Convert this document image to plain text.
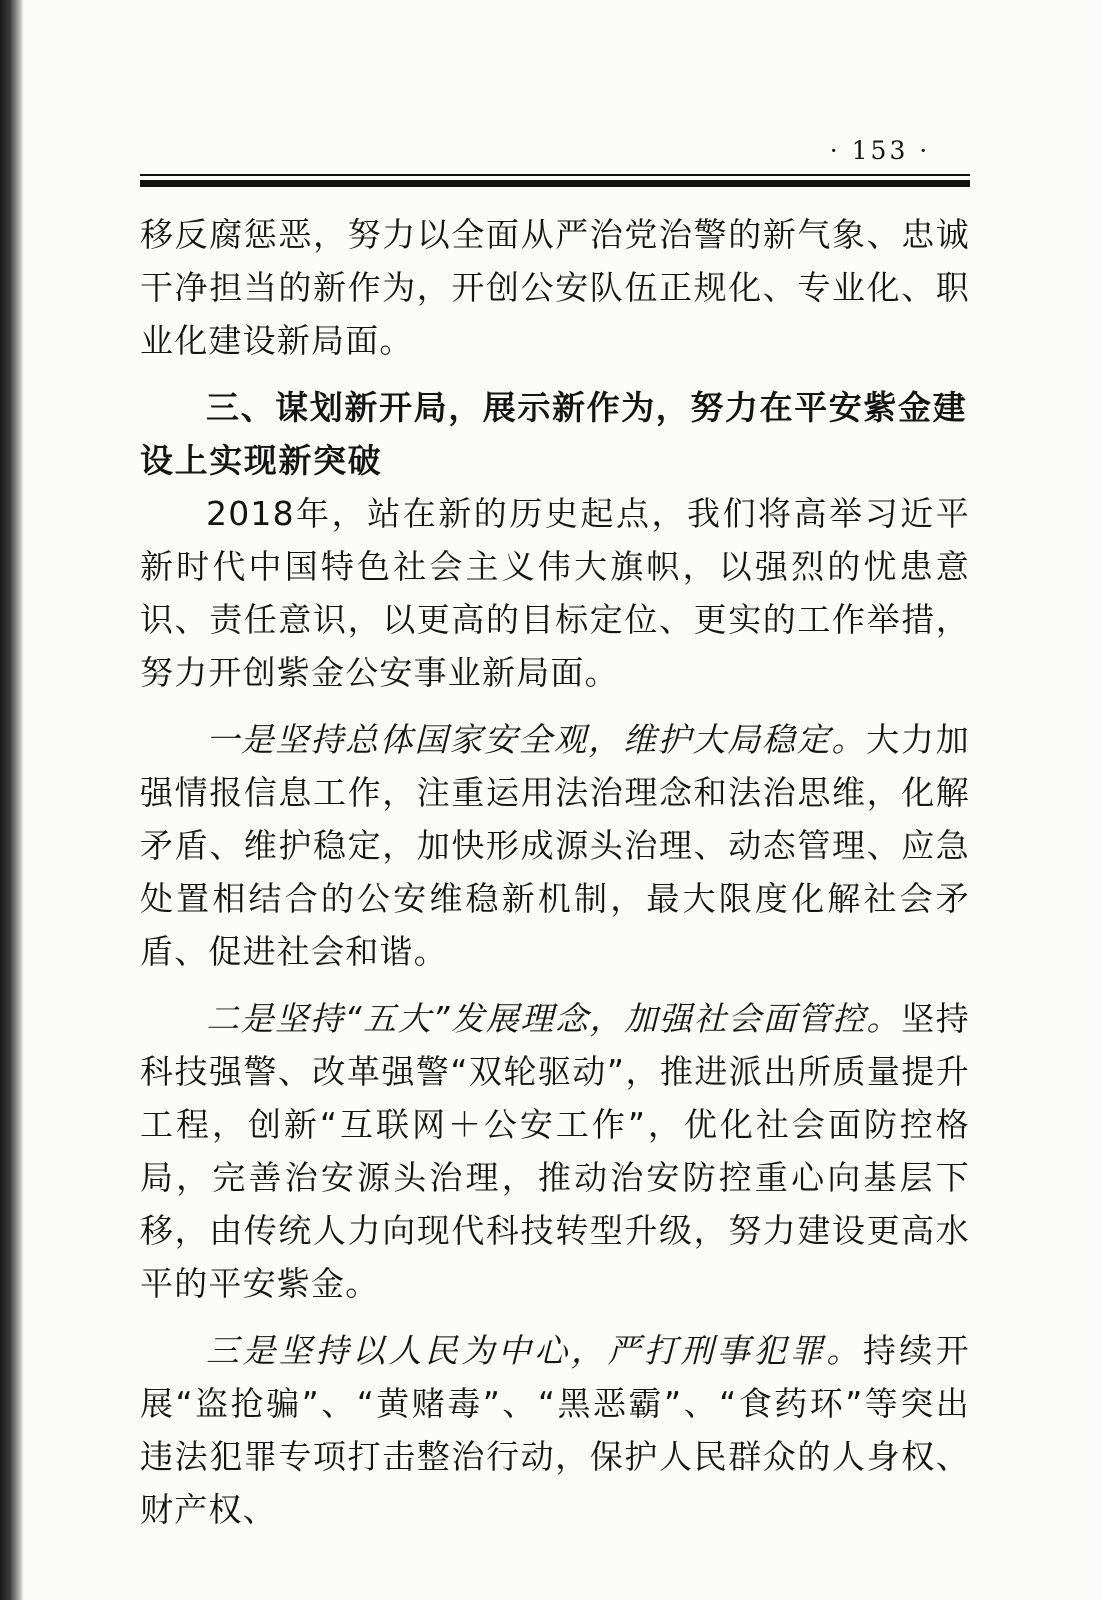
· 153 ·

移反腐惩恶，努力以全面从严治党治警的新气象、忠诚干净担当的新作为，开创公安队伍正规化、专业化、职业化建设新局面。

三、谋划新开局，展示新作为，努力在平安紫金建设上实现新突破

2018年，站在新的历史起点，我们将高举习近平新时代中国特色社会主义伟大旗帜，以强烈的忧患意识、责任意识，以更高的目标定位、更实的工作举措，努力开创紫金公安事业新局面。

一是坚持总体国家安全观，维护大局稳定。大力加强情报信息工作，注重运用法治理念和法治思维，化解矛盾、维护稳定，加快形成源头治理、动态管理、应急处置相结合的公安维稳新机制，最大限度化解社会矛盾、促进社会和谐。

二是坚持“五大”发展理念，加强社会面管控。坚持科技强警、改革强警“双轮驱动”，推进派出所质量提升工程，创新“互联网＋公安工作”，优化社会面防控格局，完善治安源头治理，推动治安防控重心向基层下移，由传统人力向现代科技转型升级，努力建设更高水平的平安紫金。

三是坚持以人民为中心，严打刑事犯罪。持续开展“盗抢骗”、“黄赌毒”、“黑恶霸”、“食药环”等突出违法犯罪专项打击整治行动，保护人民群众的人身权、财产权、
